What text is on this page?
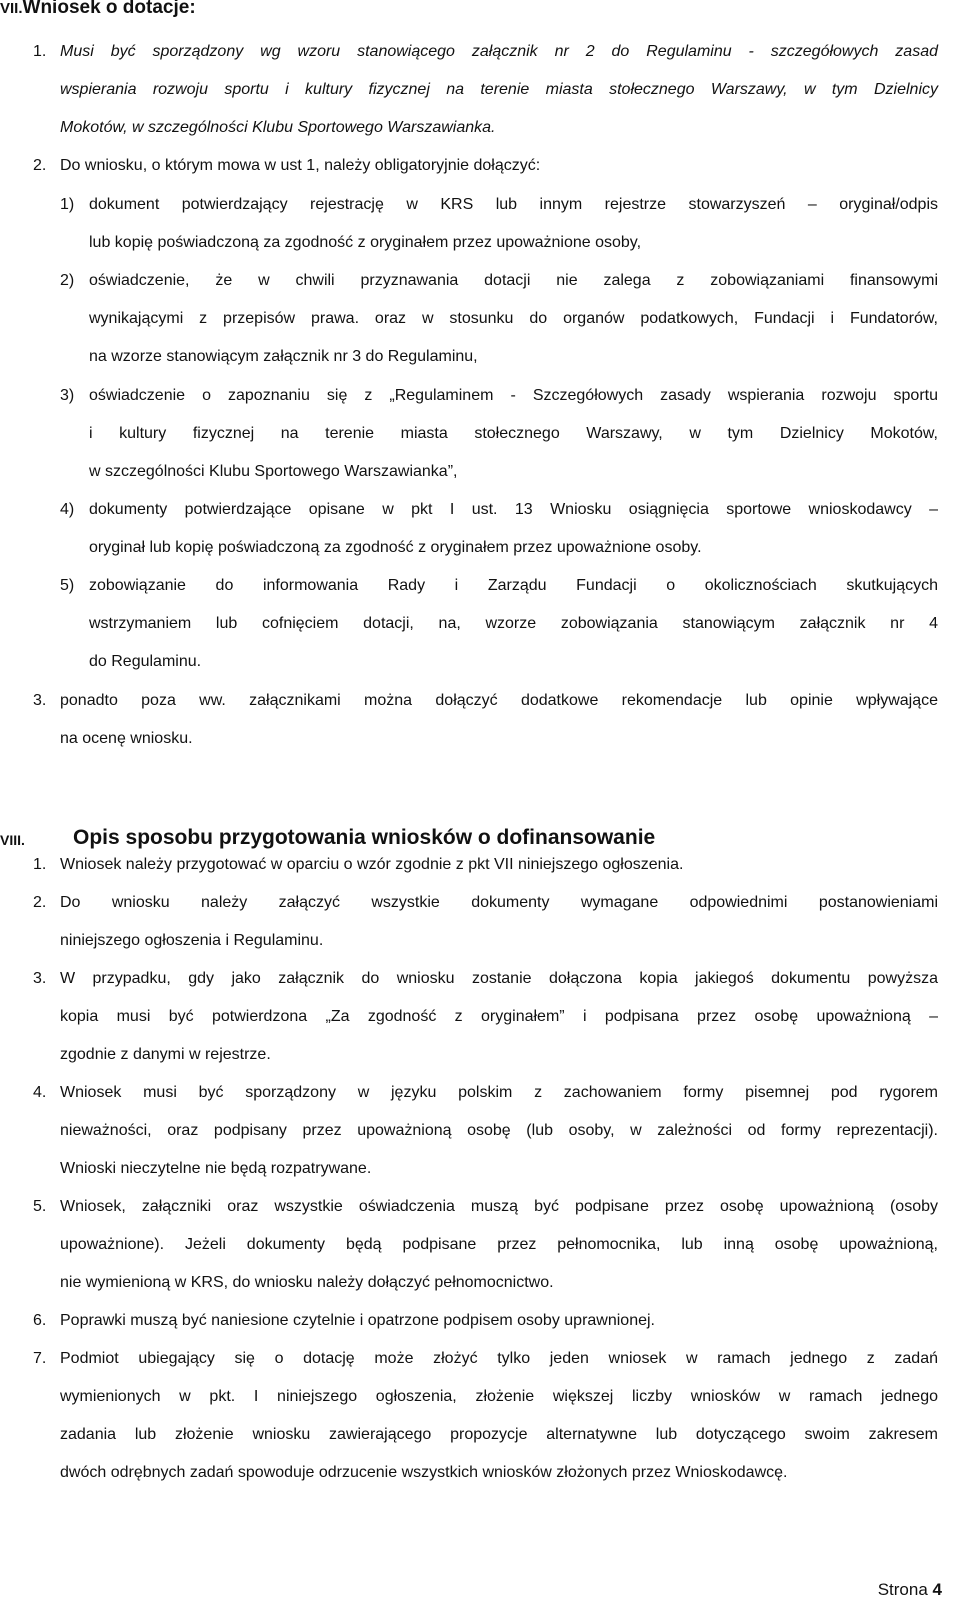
VII.Wniosek o dotacje:
1. Musi być sporządzony wg wzoru stanowiącego załącznik nr 2 do Regulaminu - szczegółowych zasad
wspierania rozwoju sportu i kultury fizycznej na terenie miasta stołecznego Warszawy, w tym Dzielnicy
Mokotów, w szczególności Klubu Sportowego Warszawianka.
2. Do wniosku, o którym mowa w ust 1, należy obligatoryjnie dołączyć:
1) dokument potwierdzający rejestrację w KRS lub innym rejestrze stowarzyszeń – oryginał/odpis
lub kopię poświadczoną za zgodność z oryginałem przez upoważnione osoby,
2) oświadczenie, że w chwili przyznawania dotacji nie zalega z zobowiązaniami finansowymi
wynikającymi z przepisów prawa. oraz w stosunku do organów podatkowych, Fundacji i Fundatorów,
na wzorze stanowiącym załącznik nr 3 do Regulaminu,
3) oświadczenie o zapoznaniu się z „Regulaminem - Szczegółowych zasady wspierania rozwoju sportu
i kultury fizycznej na terenie miasta stołecznego Warszawy, w tym Dzielnicy Mokotów,
w szczególności Klubu Sportowego Warszawianka”,
4) dokumenty potwierdzające opisane w pkt I ust. 13 Wniosku osiągnięcia sportowe wnioskodawcy –
oryginał lub kopię poświadczoną za zgodność z oryginałem przez upoważnione osoby.
5) zobowiązanie do informowania Rady i Zarządu Fundacji o okolicznościach skutkujących
wstrzymaniem lub cofnięciem dotacji, na, wzorze zobowiązania stanowiącym załącznik nr 4
do Regulaminu.
3. ponadto poza ww. załącznikami można dołączyć dodatkowe rekomendacje lub opinie wpływające
na ocenę wniosku.
VIII. Opis sposobu przygotowania wniosków o dofinansowanie
1. Wniosek należy przygotować w oparciu o wzór zgodnie z pkt VII niniejszego ogłoszenia.
2. Do wniosku należy załączyć wszystkie dokumenty wymagane odpowiednimi postanowieniami
niniejszego ogłoszenia i Regulaminu.
3. W przypadku, gdy jako załącznik do wniosku zostanie dołączona kopia jakiegoś dokumentu powyższa
kopia musi być potwierdzona „Za zgodność z oryginałem” i podpisana przez osobę upoważnioną –
zgodnie z danymi w rejestrze.
4. Wniosek musi być sporządzony w języku polskim z zachowaniem formy pisemnej pod rygorem
nieważności, oraz podpisany przez upoważnioną osobę (lub osoby, w zależności od formy reprezentacji).
Wnioski nieczytelne nie będą rozpatrywane.
5. Wniosek, załączniki oraz wszystkie oświadczenia muszą być podpisane przez osobę upoważnioną (osoby
upoważnione). Jeżeli dokumenty będą podpisane przez pełnomocnika, lub inną osobę upoważnioną,
nie wymienioną w KRS, do wniosku należy dołączyć pełnomocnictwo.
6. Poprawki muszą być naniesione czytelnie i opatrzone podpisem osoby uprawnionej.
7. Podmiot ubiegający się o dotację może złożyć tylko jeden wniosek w ramach jednego z zadań
wymienionych w pkt. I niniejszego ogłoszenia, złożenie większej liczby wniosków w ramach jednego
zadania lub złożenie wniosku zawierającego propozycje alternatywne lub dotyczącego swoim zakresem
dwóch odrębnych zadań spowoduje odrzucenie wszystkich wniosków złożonych przez Wnioskodawcę.
Strona 4
